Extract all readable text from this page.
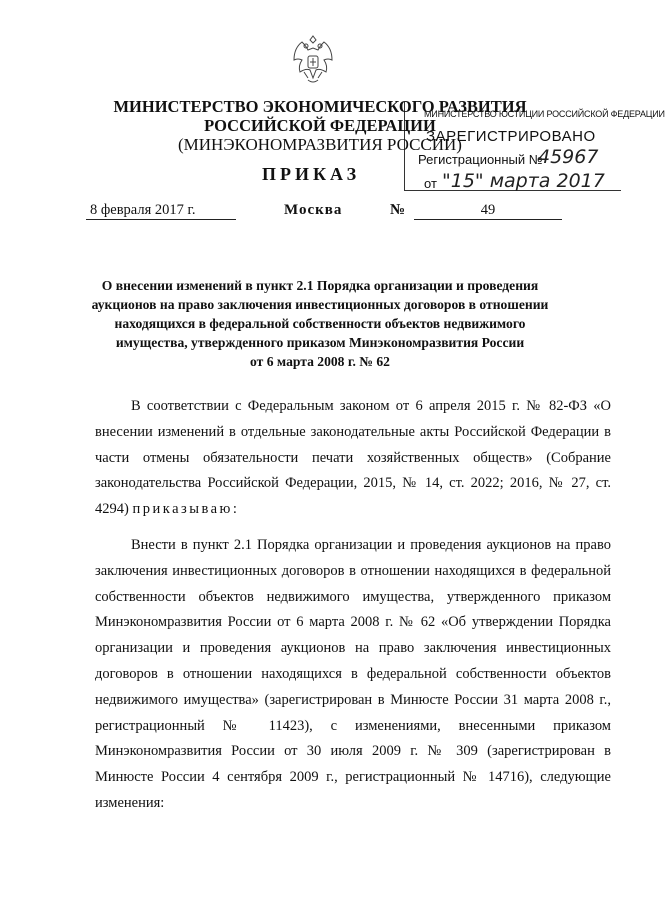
МИНИСТЕРСТВО ЮСТИЦИИ РОССИЙСКОЙ ФЕДЕРАЦИИ
ЗАРЕГИСТРИРОВАНО
Регистрационный №
45967
от "15" марта 2017
МИНИСТЕРСТВО ЭКОНОМИЧЕСКОГО РАЗВИТИЯ
РОССИЙСКОЙ ФЕДЕРАЦИИ
(МИНЭКОНОМРАЗВИТИЯ РОССИИ)
ПРИКАЗ
8 февраля 2017 г.	Москва	№	49
О внесении изменений в пункт 2.1 Порядка организации и проведения
аукционов на право заключения инвестиционных договоров в отношении
находящихся в федеральной собственности объектов недвижимого
имущества, утвержденного приказом Минэкономразвития России
от 6 марта 2008 г. № 62

В соответствии с Федеральным законом от 6 апреля 2015 г. № 82-ФЗ «О внесении изменений в отдельные законодательные акты Российской Федерации в части отмены обязательности печати хозяйственных обществ» (Собрание законодательства Российской Федерации, 2015, № 14, ст. 2022; 2016, № 27, ст. 4294) приказываю:

Внести в пункт 2.1 Порядка организации и проведения аукционов на право заключения инвестиционных договоров в отношении находящихся в федеральной собственности объектов недвижимого имущества, утвержденного приказом Минэкономразвития России от 6 марта 2008 г. № 62 «Об утверждении Порядка организации и проведения аукционов на право заключения инвестиционных договоров в отношении находящихся в федеральной собственности объектов недвижимого имущества» (зарегистрирован в Минюсте России 31 марта 2008 г., регистрационный № 11423), с изменениями, внесенными приказом Минэкономразвития России от 30 июля 2009 г. № 309 (зарегистрирован в Минюсте России 4 сентября 2009 г., регистрационный № 14716), следующие изменения:
